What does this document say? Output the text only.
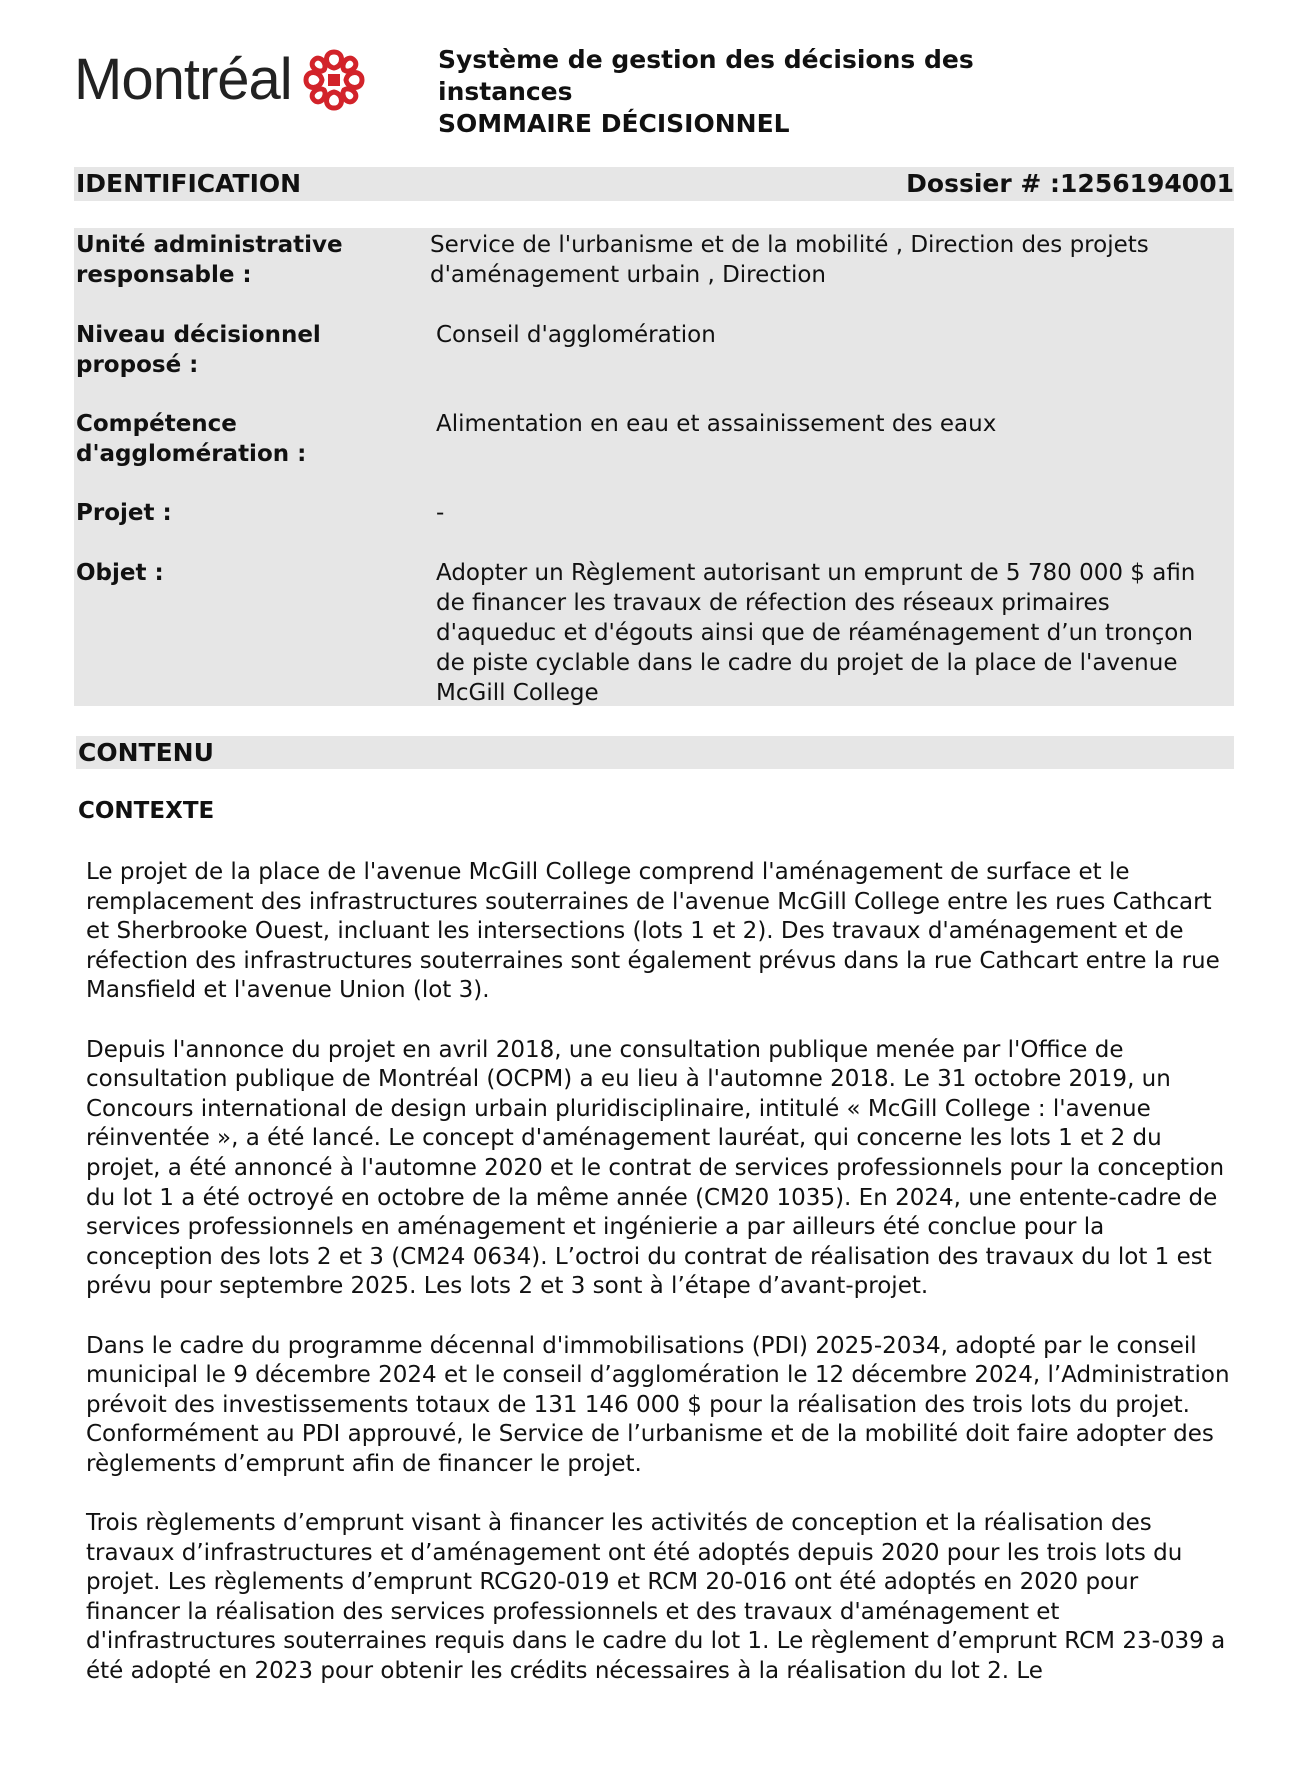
Montréal	Système de gestion des décisions des instances
SOMMAIRE DÉCISIONNEL
IDENTIFICATION	Dossier # :1256194001
Unité administrative responsable :
Service de l'urbanisme et de la mobilité , Direction des projets d'aménagement urbain , Direction
Niveau décisionnel proposé :
Conseil d'agglomération
Compétence d'agglomération :
Alimentation en eau et assainissement des eaux
Projet :	-
Objet :	Adopter un Règlement autorisant un emprunt de 5 780 000 $ afin de financer les travaux de réfection des réseaux primaires d'aqueduc et d'égouts ainsi que de réaménagement d’un tronçon de piste cyclable dans le cadre du projet de la place de l'avenue McGill College
CONTENU
CONTEXTE

Le projet de la place de l'avenue McGill College comprend l'aménagement de surface et le remplacement des infrastructures souterraines de l'avenue McGill College entre les rues Cathcart et Sherbrooke Ouest, incluant les intersections (lots 1 et 2). Des travaux d'aménagement et de réfection des infrastructures souterraines sont également prévus dans la rue Cathcart entre la rue Mansfield et l'avenue Union (lot 3).

Depuis l'annonce du projet en avril 2018, une consultation publique menée par l'Office de consultation publique de Montréal (OCPM) a eu lieu à l'automne 2018. Le 31 octobre 2019, un Concours international de design urbain pluridisciplinaire, intitulé « McGill College : l'avenue réinventée », a été lancé. Le concept d'aménagement lauréat, qui concerne les lots 1 et 2 du projet, a été annoncé à l'automne 2020 et le contrat de services professionnels pour la conception du lot 1 a été octroyé en octobre de la même année (CM20 1035). En 2024, une entente-cadre de services professionnels en aménagement et ingénierie a par ailleurs été conclue pour la conception des lots 2 et 3 (CM24 0634). L’octroi du contrat de réalisation des travaux du lot 1 est prévu pour septembre 2025. Les lots 2 et 3 sont à l’étape d’avant-projet.

Dans le cadre du programme décennal d'immobilisations (PDI) 2025-2034, adopté par le conseil municipal le 9 décembre 2024 et le conseil d’agglomération le 12 décembre 2024, l’Administration prévoit des investissements totaux de 131 146 000 $ pour la réalisation des trois lots du projet. Conformément au PDI approuvé, le Service de l’urbanisme et de la mobilité doit faire adopter des règlements d’emprunt afin de financer le projet.

Trois règlements d’emprunt visant à financer les activités de conception et la réalisation des travaux d’infrastructures et d’aménagement ont été adoptés depuis 2020 pour les trois lots du projet. Les règlements d’emprunt RCG20-019 et RCM 20-016 ont été adoptés en 2020 pour financer la réalisation des services professionnels et des travaux d'aménagement et d'infrastructures souterraines requis dans le cadre du lot 1. Le règlement d’emprunt RCM 23-039 a été adopté en 2023 pour obtenir les crédits nécessaires à la réalisation du lot 2. Le
